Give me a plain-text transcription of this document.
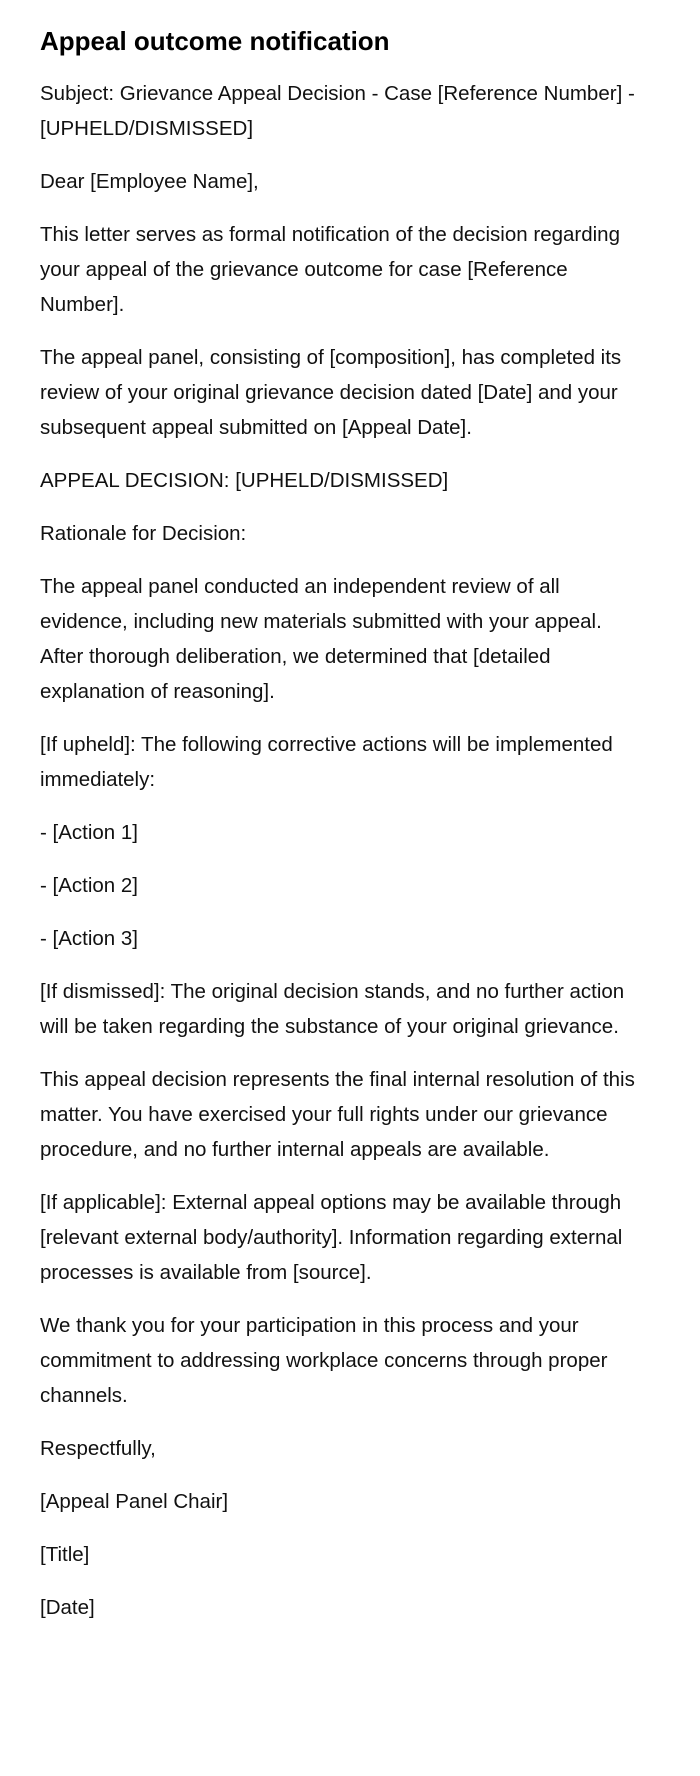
Appeal outcome notification

Subject: Grievance Appeal Decision - Case [Reference Number] - [UPHELD/DISMISSED]

Dear [Employee Name],

This letter serves as formal notification of the decision regarding your appeal of the grievance outcome for case [Reference Number].

The appeal panel, consisting of [composition], has completed its review of your original grievance decision dated [Date] and your subsequent appeal submitted on [Appeal Date].

APPEAL DECISION: [UPHELD/DISMISSED]

Rationale for Decision:

The appeal panel conducted an independent review of all evidence, including new materials submitted with your appeal. After thorough deliberation, we determined that [detailed explanation of reasoning].

[If upheld]: The following corrective actions will be implemented immediately:

- [Action 1]

- [Action 2]

- [Action 3]

[If dismissed]: The original decision stands, and no further action will be taken regarding the substance of your original grievance.

This appeal decision represents the final internal resolution of this matter. You have exercised your full rights under our grievance procedure, and no further internal appeals are available.

[If applicable]: External appeal options may be available through [relevant external body/authority]. Information regarding external processes is available from [source].

We thank you for your participation in this process and your commitment to addressing workplace concerns through proper channels.

Respectfully,

[Appeal Panel Chair]

[Title]

[Date]
